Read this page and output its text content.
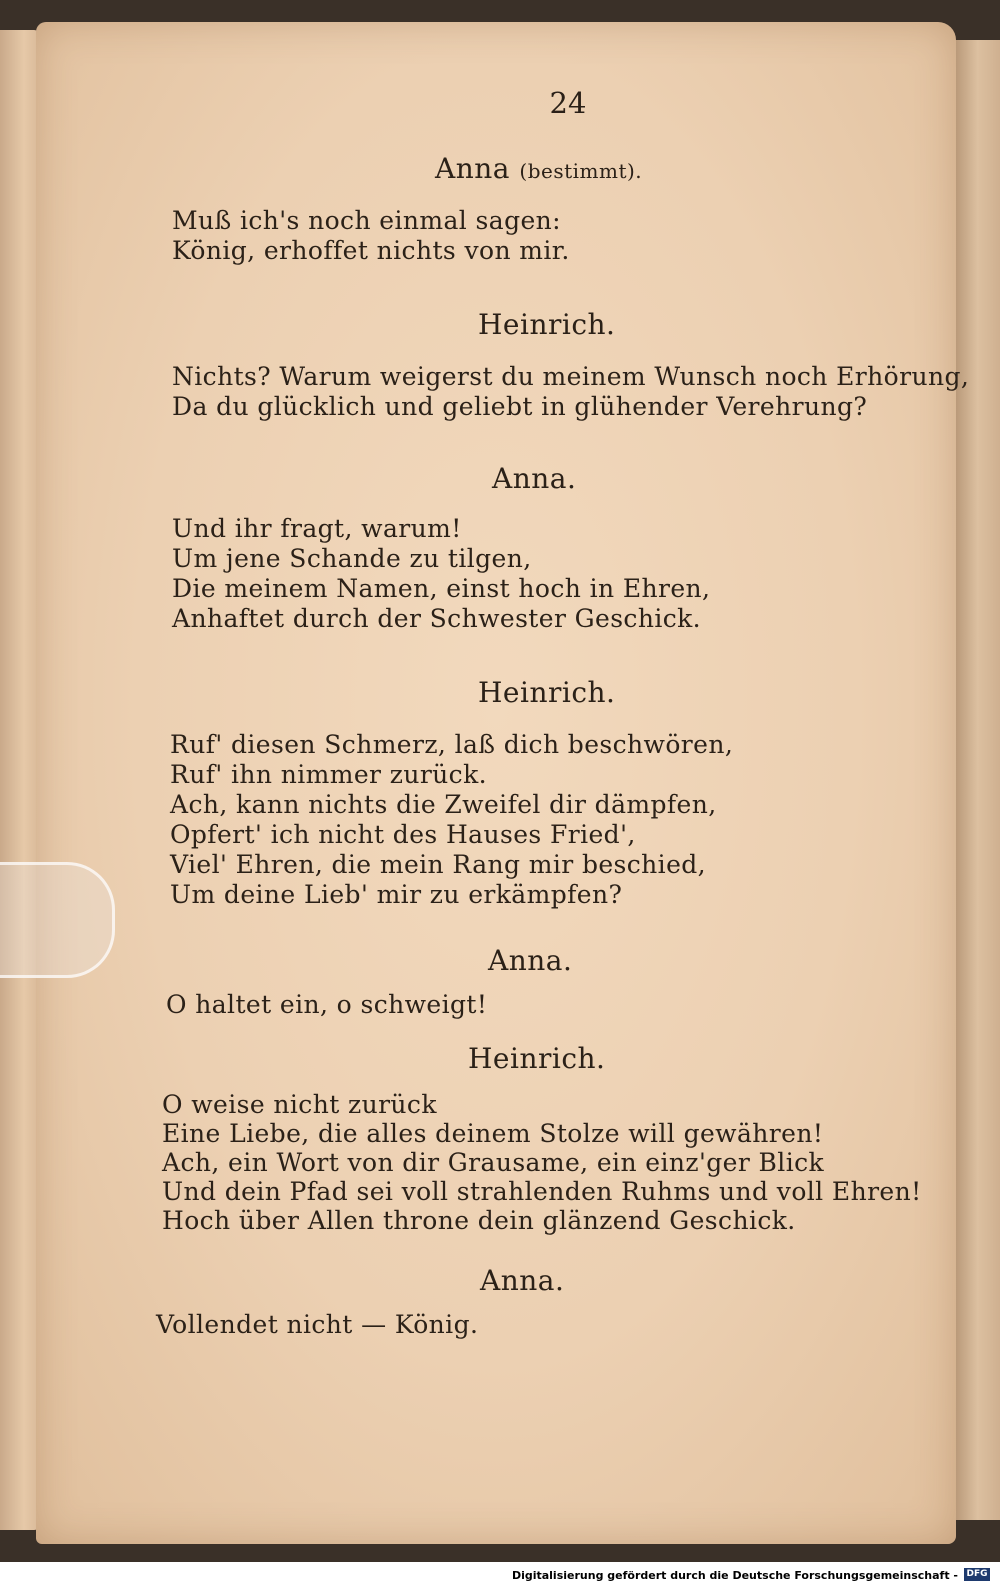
24
Anna (bestimmt).
Muß ich's noch einmal sagen:
König, erhoffet nichts von mir.
Heinrich.
Nichts? Warum weigerst du meinem Wunsch noch Erhörung,
Da du glücklich und geliebt in glühender Verehrung?
Anna.
Und ihr fragt, warum!
Um jene Schande zu tilgen,
Die meinem Namen, einst hoch in Ehren,
Anhaftet durch der Schwester Geschick.
Heinrich.
Ruf' diesen Schmerz, laß dich beschwören,
Ruf' ihn nimmer zurück.
Ach, kann nichts die Zweifel dir dämpfen,
Opfert' ich nicht des Hauses Fried',
Viel' Ehren, die mein Rang mir beschied,
Um deine Lieb' mir zu erkämpfen?
Anna.
O haltet ein, o schweigt!
Heinrich.
O weise nicht zurück
Eine Liebe, die alles deinem Stolze will gewähren!
Ach, ein Wort von dir Grausame, ein einz'ger Blick
Und dein Pfad sei voll strahlenden Ruhms und voll Ehren!
Hoch über Allen throne dein glänzend Geschick.
Anna.
Vollendet nicht — König.
Digitalisierung gefördert durch die Deutsche Forschungsgemeinschaft - DFG
